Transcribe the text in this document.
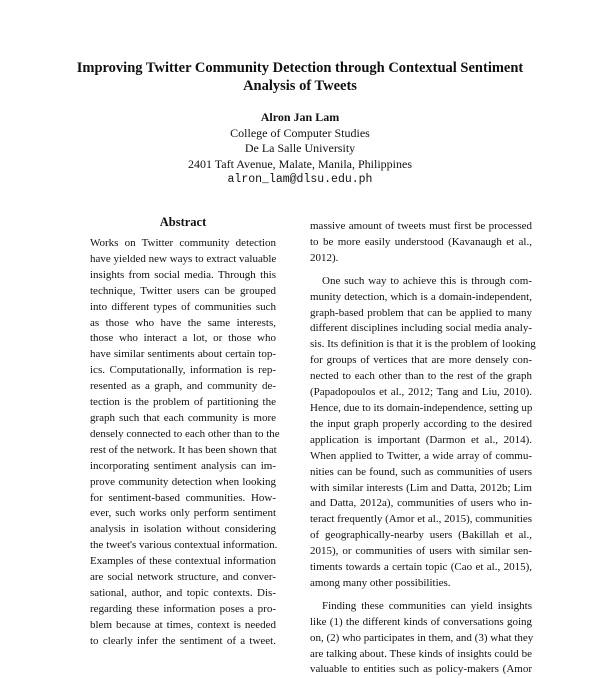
Improving Twitter Community Detection through Contextual Sentiment
Analysis of Tweets
Alron Jan Lam
College of Computer Studies
De La Salle University
2401 Taft Avenue, Malate, Manila, Philippines
alron_lam@dlsu.edu.ph
Abstract
Works on Twitter community detection
have yielded new ways to extract valuable
insights from social media. Through this
technique, Twitter users can be grouped
into different types of communities such
as those who have the same interests,
those who interact a lot, or those who
have similar sentiments about certain top-
ics. Computationally, information is rep-
resented as a graph, and community de-
tection is the problem of partitioning the
graph such that each community is more
densely connected to each other than to the
rest of the network. It has been shown that
incorporating sentiment analysis can im-
prove community detection when looking
for sentiment-based communities. How-
ever, such works only perform sentiment
analysis in isolation without considering
the tweet's various contextual information.
Examples of these contextual information
are social network structure, and conver-
sational, author, and topic contexts. Dis-
regarding these information poses a pro-
blem because at times, context is needed
to clearly infer the sentiment of a tweet.
massive amount of tweets must first be processed
to be more easily understood (Kavanaugh et al.,
2012).
One such way to achieve this is through com-
munity detection, which is a domain-independent,
graph-based problem that can be applied to many
different disciplines including social media analy-
sis. Its definition is that it is the problem of looking
for groups of vertices that are more densely con-
nected to each other than to the rest of the graph
(Papadopoulos et al., 2012; Tang and Liu, 2010).
Hence, due to its domain-independence, setting up
the input graph properly according to the desired
application is important (Darmon et al., 2014).
When applied to Twitter, a wide array of commu-
nities can be found, such as communities of users
with similar interests (Lim and Datta, 2012b; Lim
and Datta, 2012a), communities of users who in-
teract frequently (Amor et al., 2015), communities
of geographically-nearby users (Bakillah et al.,
2015), or communities of users with similar sen-
timents towards a certain topic (Cao et al., 2015),
among many other possibilities.
Finding these communities can yield insights
like (1) the different kinds of conversations going
on, (2) who participates in them, and (3) what they
are talking about. These kinds of insights could be
valuable to entities such as policy-makers (Amor
